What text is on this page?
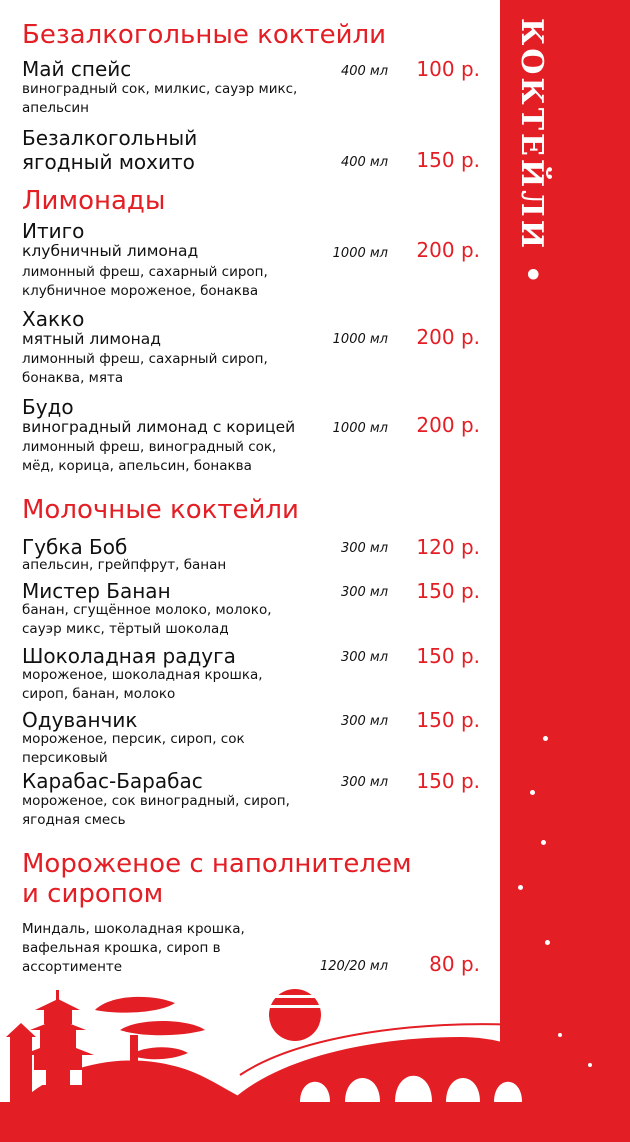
КОКТЕЙЛИ • МОРОЖЕНОЕ
Безалкогольные коктейли
Май спейс
виноградный сок, милкис, сауэр микс,
апельсин
400 мл	100 р.
Безалкогольный
ягодный мохито	400 мл	150 р.
Лимонады
Итиго
клубничный лимонад
лимонный фреш, сахарный сироп,
клубничное мороженое, бонаква
1000 мл	200 р.
Хакко
мятный лимонад
лимонный фреш, сахарный сироп,
бонаква, мята
1000 мл	200 р.
Будо
виноградный лимонад с корицей
лимонный фреш, виноградный сок,
мёд, корица, апельсин, бонаква
1000 мл	200 р.
Молочные коктейли
Губка Боб
апельсин, грейпфрут, банан
300 мл	120 р.
Мистер Банан
банан, сгущённое молоко, молоко,
сауэр микс, тёртый шоколад
300 мл	150 р.
Шоколадная радуга
мороженое, шоколадная крошка,
сироп, банан, молоко
300 мл	150 р.
Одуванчик
мороженое, персик, сироп, сок
персиковый
300 мл	150 р.
Карабас-Барабас
мороженое, сок виноградный, сироп,
ягодная смесь
300 мл	150 р.
Мороженое с наполнителем
и сиропом
Миндаль, шоколадная крошка,
вафельная крошка, сироп в
ассортименте	120/20 мл	80 р.
